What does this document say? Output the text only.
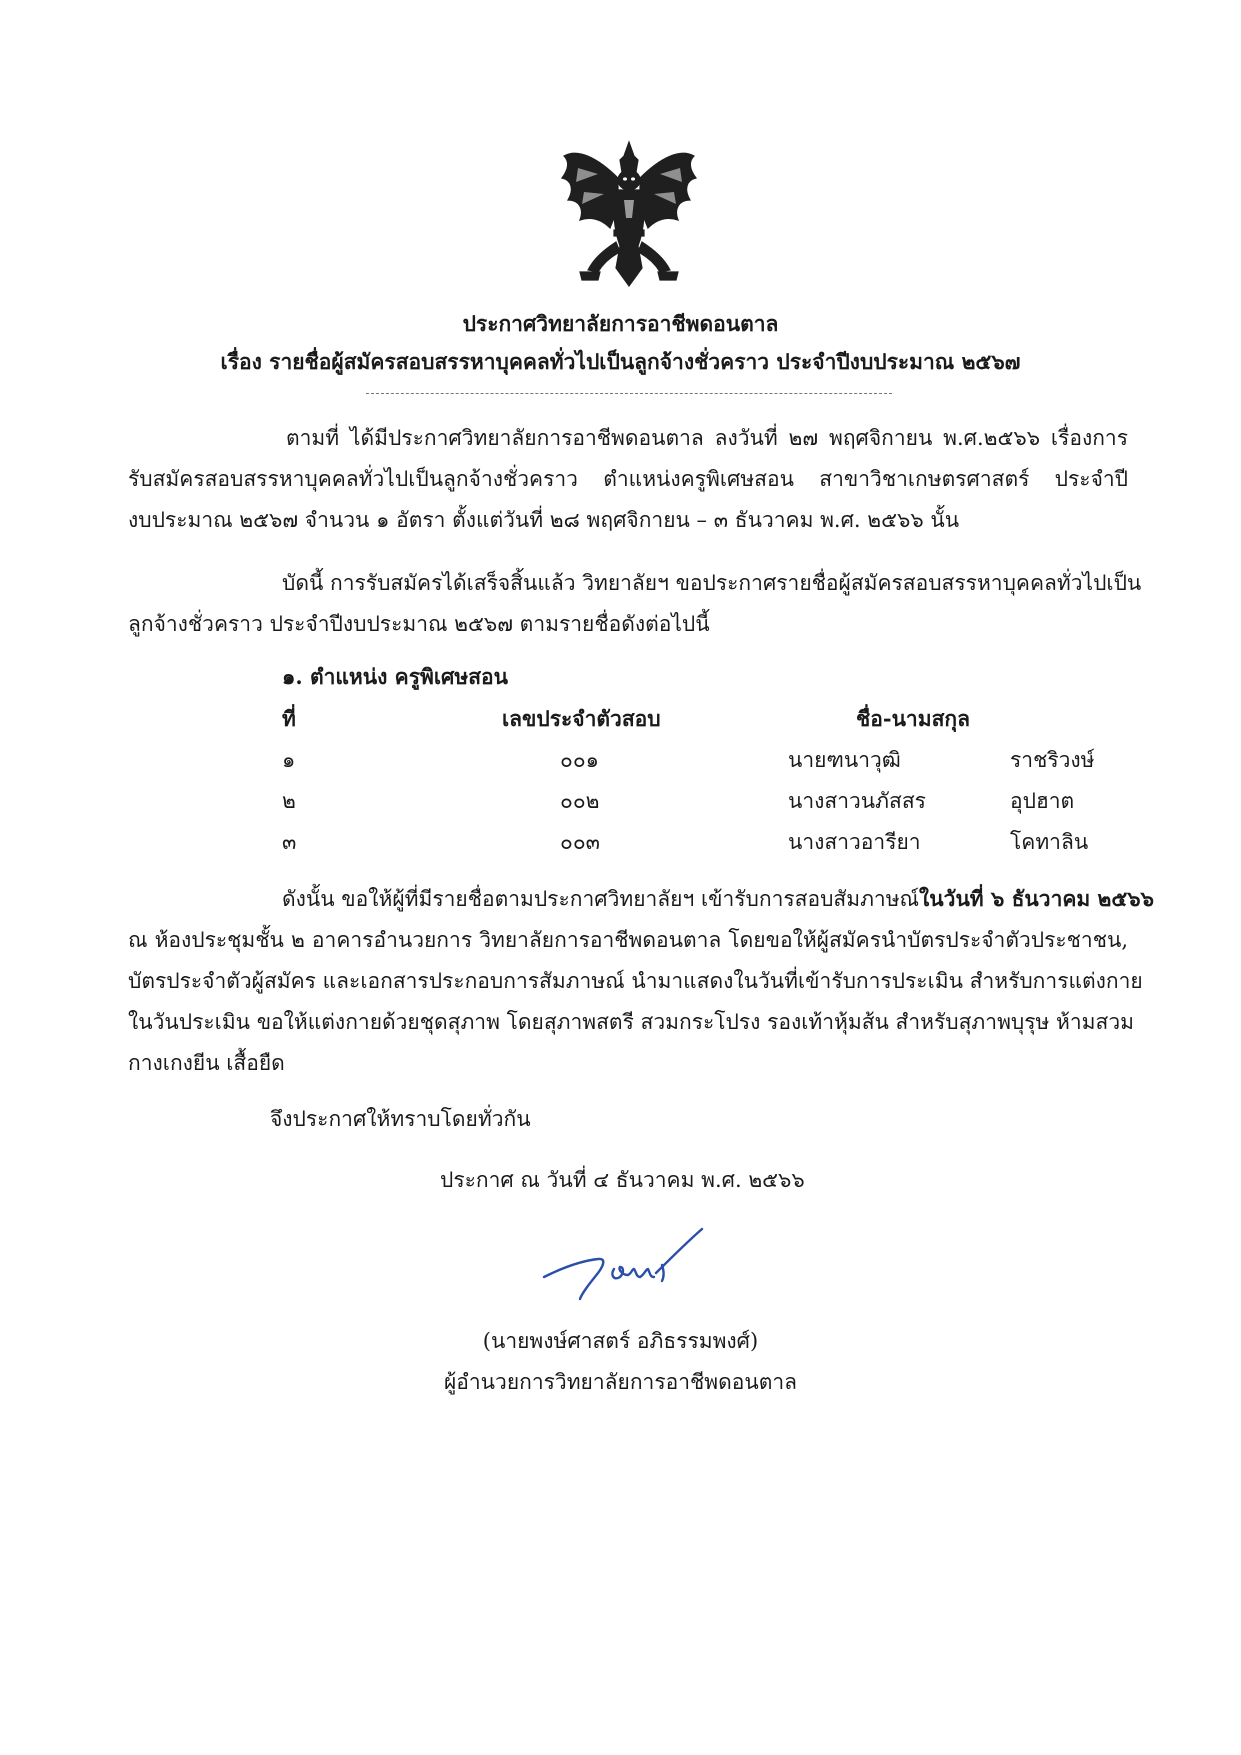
ประกาศวิทยาลัยการอาชีพดอนตาล
เรื่อง รายชื่อผู้สมัครสอบสรรหาบุคคลทั่วไปเป็นลูกจ้างชั่วคราว ประจำปีงบประมาณ ๒๕๖๗
ตามที่ ได้มีประกาศวิทยาลัยการอาชีพดอนตาล ลงวันที่ ๒๗ พฤศจิกายน พ.ศ.๒๕๖๖ เรื่องการ
รับสมัครสอบสรรหาบุคคลทั่วไปเป็นลูกจ้างชั่วคราว ตำแหน่งครูพิเศษสอน สาขาวิชาเกษตรศาสตร์ ประจำปี
งบประมาณ ๒๕๖๗ จำนวน ๑ อัตรา ตั้งแต่วันที่ ๒๘ พฤศจิกายน – ๓ ธันวาคม พ.ศ. ๒๕๖๖ นั้น
บัดนี้ การรับสมัครได้เสร็จสิ้นแล้ว วิทยาลัยฯ ขอประกาศรายชื่อผู้สมัครสอบสรรหาบุคคลทั่วไปเป็น
ลูกจ้างชั่วคราว ประจำปีงบประมาณ ๒๕๖๗ ตามรายชื่อดังต่อไปนี้
๑. ตำแหน่ง ครูพิเศษสอน
ที่	เลขประจำตัวสอบ	ชื่อ-นามสกุล
๑	๐๐๑	นายฑนาวุฒิ	ราชริวงษ์
๒	๐๐๒	นางสาวนภัสสร	อุปฮาต
๓	๐๐๓	นางสาวอารียา	โคทาลิน
ดังนั้น ขอให้ผู้ที่มีรายชื่อตามประกาศวิทยาลัยฯ เข้ารับการสอบสัมภาษณ์ในวันที่ ๖ ธันวาคม ๒๕๖๖
ณ ห้องประชุมชั้น ๒ อาคารอำนวยการ วิทยาลัยการอาชีพดอนตาล โดยขอให้ผู้สมัครนำบัตรประจำตัวประชาชน,
บัตรประจำตัวผู้สมัคร และเอกสารประกอบการสัมภาษณ์ นำมาแสดงในวันที่เข้ารับการประเมิน สำหรับการแต่งกาย
ในวันประเมิน ขอให้แต่งกายด้วยชุดสุภาพ โดยสุภาพสตรี สวมกระโปรง รองเท้าหุ้มส้น สำหรับสุภาพบุรุษ ห้ามสวม
กางเกงยีน เสื้อยืด
จึงประกาศให้ทราบโดยทั่วกัน
ประกาศ ณ วันที่ ๔ ธันวาคม พ.ศ. ๒๕๖๖
(นายพงษ์ศาสตร์ อภิธรรมพงศ์)
ผู้อำนวยการวิทยาลัยการอาชีพดอนตาล
